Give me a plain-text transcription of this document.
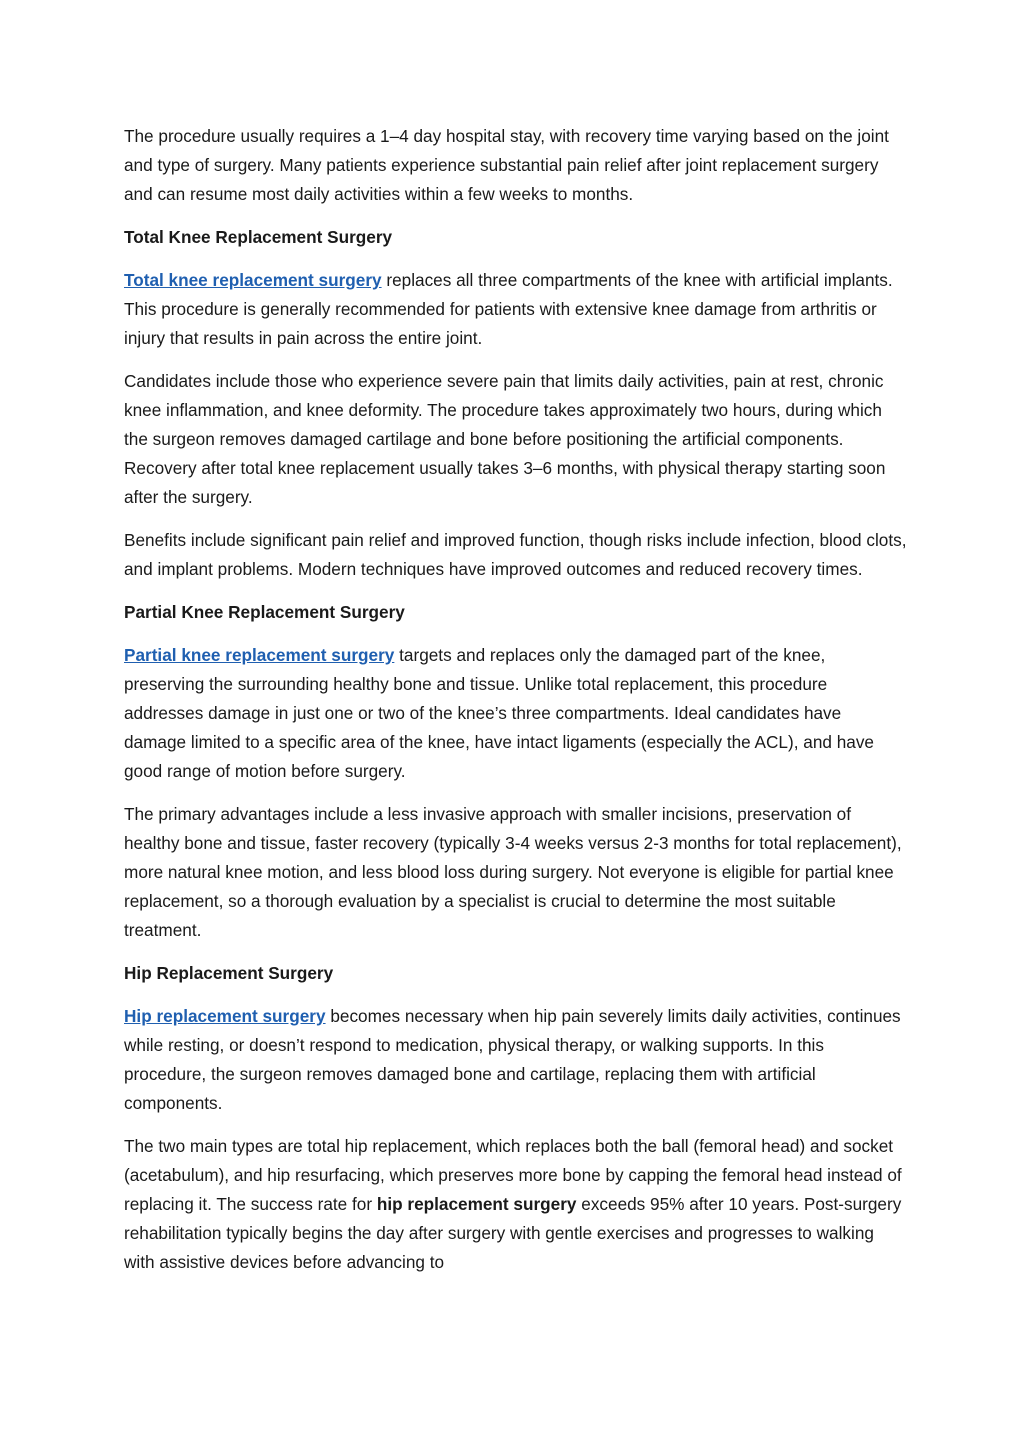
The procedure usually requires a 1–4 day hospital stay, with recovery time varying based on the joint and type of surgery. Many patients experience substantial pain relief after joint replacement surgery and can resume most daily activities within a few weeks to months.

Total Knee Replacement Surgery

Total knee replacement surgery replaces all three compartments of the knee with artificial implants. This procedure is generally recommended for patients with extensive knee damage from arthritis or injury that results in pain across the entire joint.

Candidates include those who experience severe pain that limits daily activities, pain at rest, chronic knee inflammation, and knee deformity. The procedure takes approximately two hours, during which the surgeon removes damaged cartilage and bone before positioning the artificial components. Recovery after total knee replacement usually takes 3–6 months, with physical therapy starting soon after the surgery.

Benefits include significant pain relief and improved function, though risks include infection, blood clots, and implant problems. Modern techniques have improved outcomes and reduced recovery times.

Partial Knee Replacement Surgery

Partial knee replacement surgery targets and replaces only the damaged part of the knee, preserving the surrounding healthy bone and tissue. Unlike total replacement, this procedure addresses damage in just one or two of the knee’s three compartments. Ideal candidates have damage limited to a specific area of the knee, have intact ligaments (especially the ACL), and have good range of motion before surgery.

The primary advantages include a less invasive approach with smaller incisions, preservation of healthy bone and tissue, faster recovery (typically 3-4 weeks versus 2-3 months for total replacement), more natural knee motion, and less blood loss during surgery. Not everyone is eligible for partial knee replacement, so a thorough evaluation by a specialist is crucial to determine the most suitable treatment.

Hip Replacement Surgery

Hip replacement surgery becomes necessary when hip pain severely limits daily activities, continues while resting, or doesn’t respond to medication, physical therapy, or walking supports. In this procedure, the surgeon removes damaged bone and cartilage, replacing them with artificial components.

The two main types are total hip replacement, which replaces both the ball (femoral head) and socket (acetabulum), and hip resurfacing, which preserves more bone by capping the femoral head instead of replacing it. The success rate for hip replacement surgery exceeds 95% after 10 years. Post-surgery rehabilitation typically begins the day after surgery with gentle exercises and progresses to walking with assistive devices before advancing to
